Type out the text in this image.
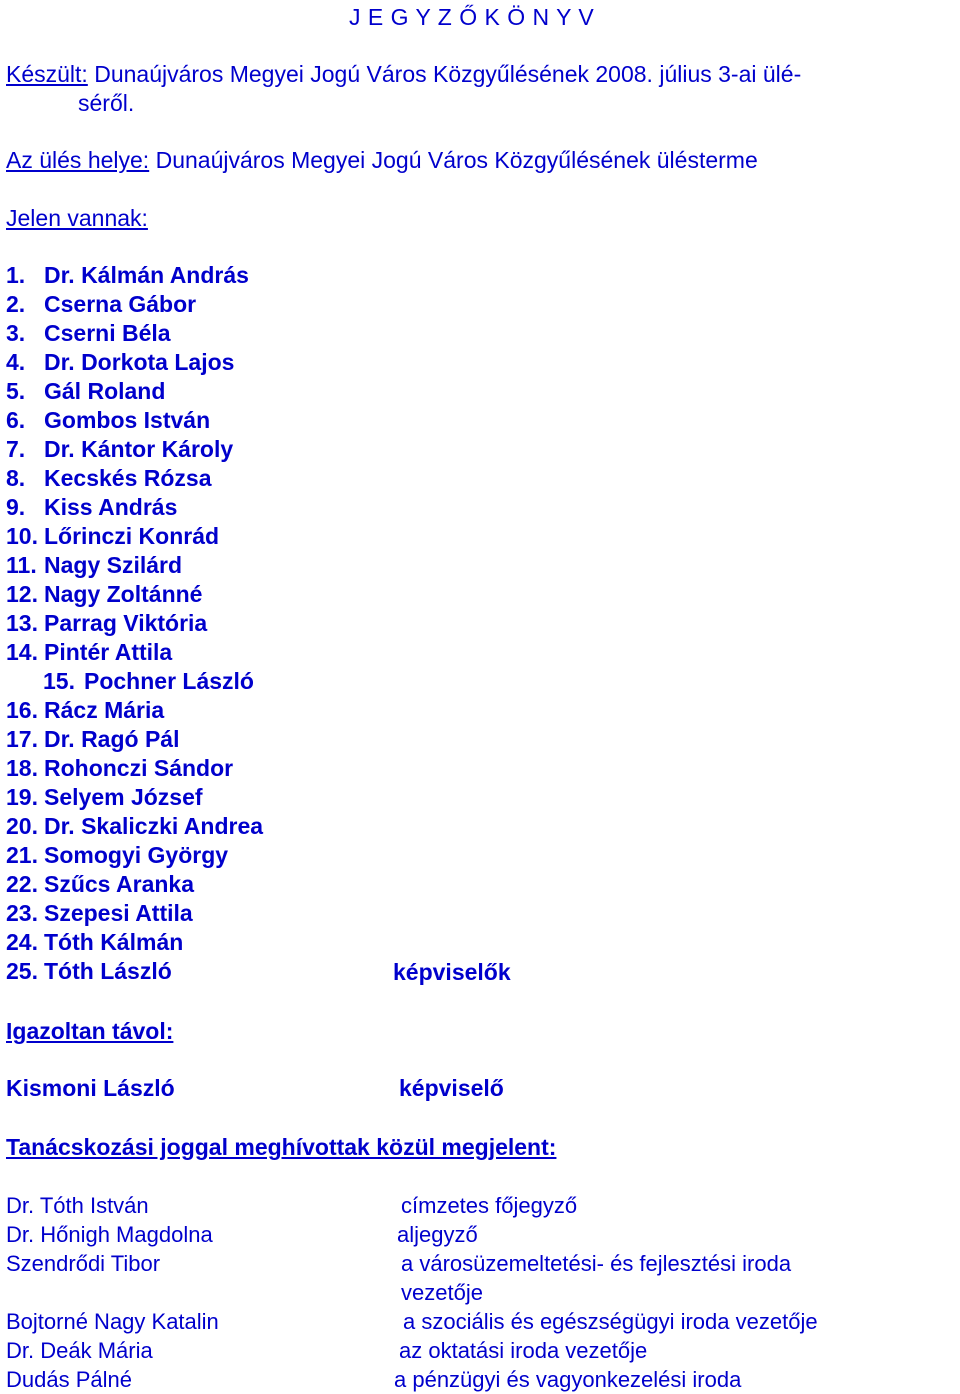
J E G Y Z Ő K Ö N Y V
Készült: Dunaújváros Megyei Jogú Város Közgyűlésének 2008. július 3-ai ülé-
séről.
Az ülés helye: Dunaújváros Megyei Jogú Város Közgyűlésének ülésterme
Jelen vannak:
1. Dr. Kálmán András
2. Cserna Gábor
3. Cserni Béla
4. Dr. Dorkota Lajos
5. Gál Roland
6. Gombos István
7. Dr. Kántor Károly
8. Kecskés Rózsa
9. Kiss András
10. Lőrinczi Konrád
11. Nagy Szilárd
12. Nagy Zoltánné
13. Parrag Viktória
14. Pintér Attila
15. Pochner László
16. Rácz Mária
17. Dr. Ragó Pál
18. Rohonczi Sándor
19. Selyem József
20. Dr. Skaliczki Andrea
21. Somogyi György
22. Szűcs Aranka
23. Szepesi Attila
24. Tóth Kálmán
25. Tóth László	képviselők
Igazoltan távol:
Kismoni László	képviselő
Tanácskozási joggal meghívottak közül megjelent:
Dr. Tóth István	címzetes főjegyző
Dr. Hőnigh Magdolna	aljegyző
Szendrődi Tibor	a városüzemeltetési- és fejlesztési iroda vezetője
Bojtorné Nagy Katalin	a szociális és egészségügyi iroda vezetője
Dr. Deák Mária	az oktatási iroda vezetője
Dudás Pálné	a pénzügyi és vagyonkezelési iroda
